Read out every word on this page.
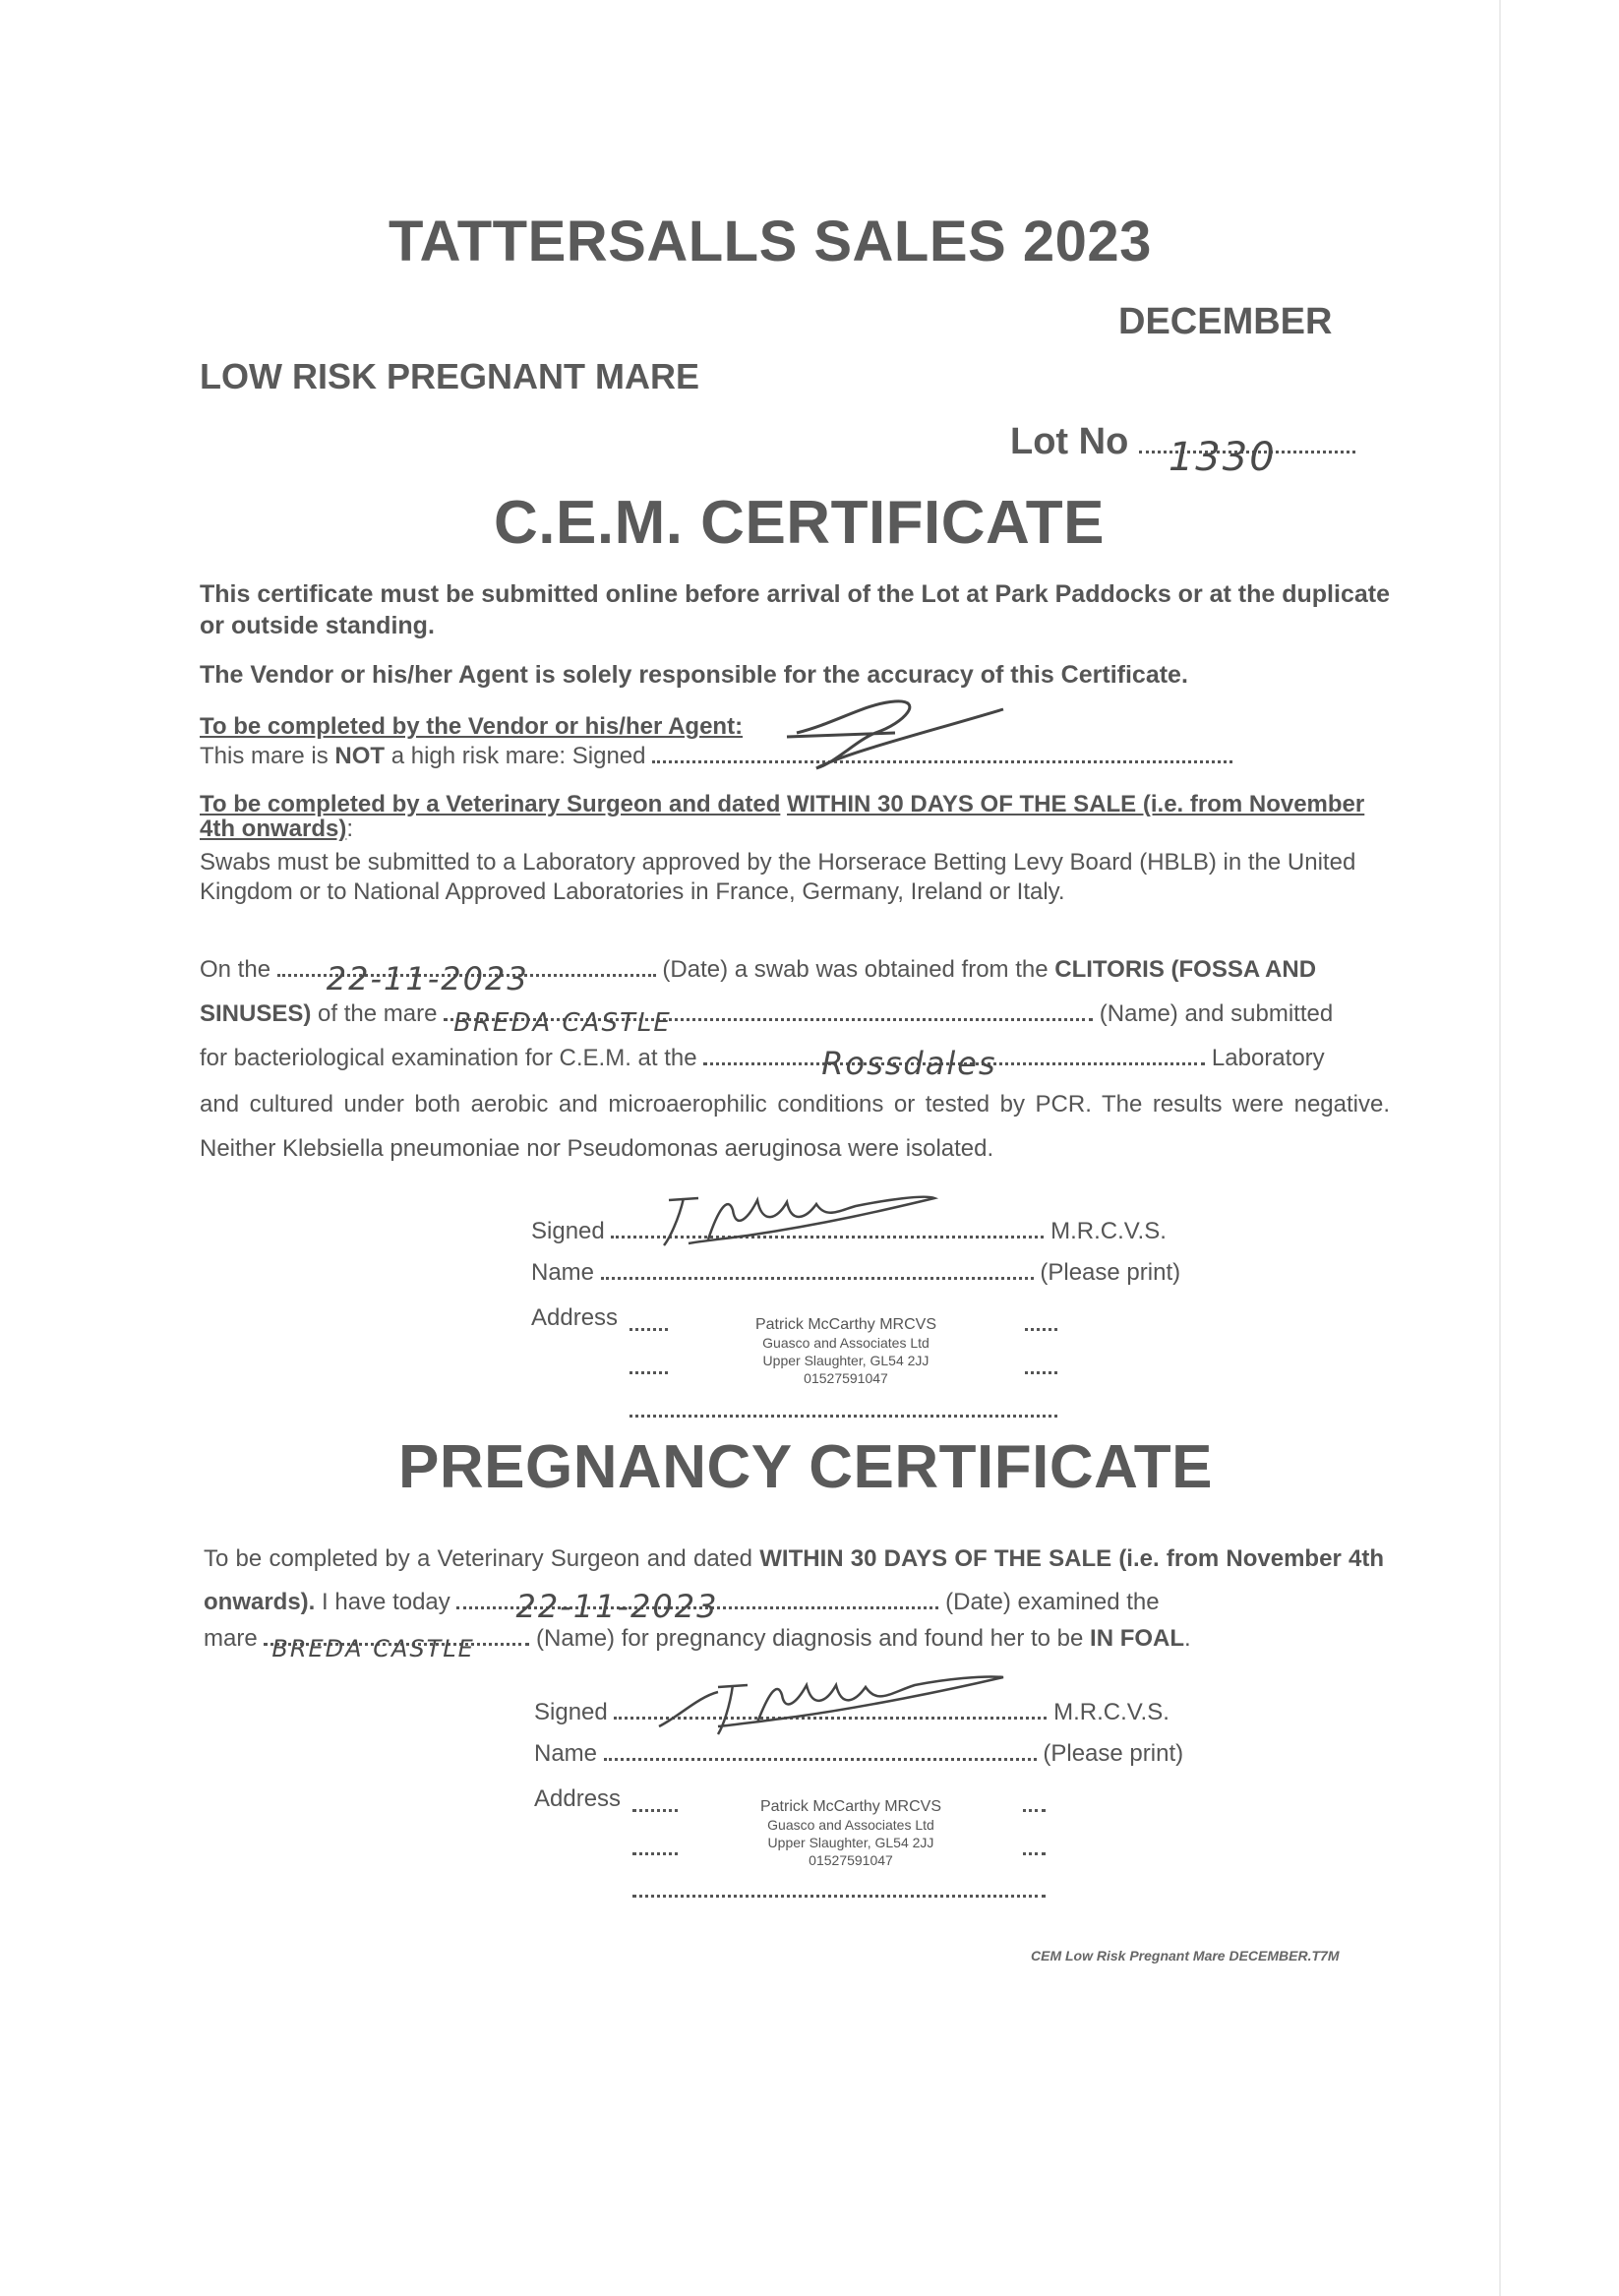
TATTERSALLS SALES 2023
DECEMBER
LOW RISK PREGNANT MARE
Lot No 1330
C.E.M. CERTIFICATE
This certificate must be submitted online before arrival of the Lot at Park Paddocks or at the duplicate or outside standing.
The Vendor or his/her Agent is solely responsible for the accuracy of this Certificate.
To be completed by the Vendor or his/her Agent:
This mare is NOT a high risk mare: Signed
To be completed by a Veterinary Surgeon and dated WITHIN 30 DAYS OF THE SALE (i.e. from November 4th onwards):
Swabs must be submitted to a Laboratory approved by the Horserace Betting Levy Board (HBLB) in the United Kingdom or to National Approved Laboratories in France, Germany, Ireland or Italy.
On the 22-11-2023	(Date) a swab was obtained from the CLITORIS (FOSSA AND
SINUSES) of the mare BREDA CASTLE	(Name) and submitted
for bacteriological examination for C.E.M. at the	Rossdales	Laboratory
and cultured under both aerobic and microaerophilic conditions or tested by PCR. The results were negative. Neither Klebsiella pneumoniae nor Pseudomonas aeruginosa were isolated.
Signed	M.R.C.V.S.
Name	(Please print)
Address	Patrick McCarthy MRCVS
Guasco and Associates Ltd
Upper Slaughter, GL54 2JJ
01527591047
PREGNANCY CERTIFICATE
To be completed by a Veterinary Surgeon and dated WITHIN 30 DAYS OF THE SALE (i.e. from November 4th onwards). I have today 22-11-2023	(Date) examined the
mare BREDA CASTLE	(Name) for pregnancy diagnosis and found her to be IN FOAL.
Signed	M.R.C.V.S.
Name	(Please print)
Address	Patrick McCarthy MRCVS
Guasco and Associates Ltd
Upper Slaughter, GL54 2JJ
01527591047
CEM Low Risk Pregnant Mare DECEMBER.T7M
